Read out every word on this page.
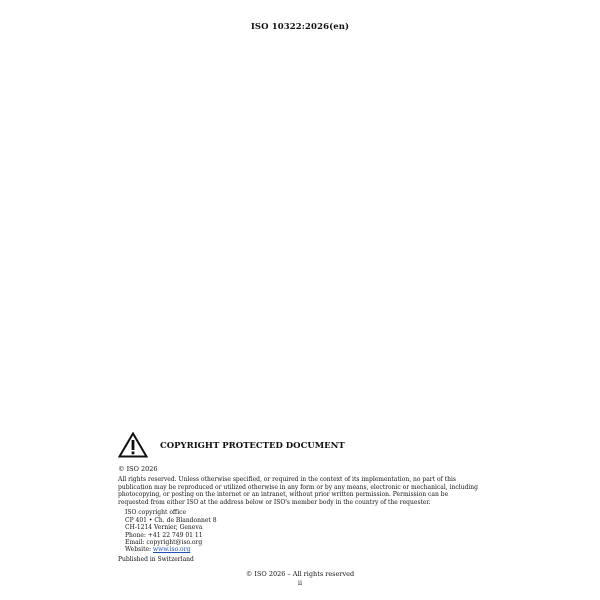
ISO 10322:2026(en)
COPYRIGHT PROTECTED DOCUMENT
© ISO 2026
All rights reserved. Unless otherwise specified, or required in the context of its implementation, no part of this publication may be reproduced or utilized otherwise in any form or by any means, electronic or mechanical, including photocopying, or posting on the internet or an intranet, without prior written permission. Permission can be requested from either ISO at the address below or ISO's member body in the country of the requester.
ISO copyright office
CP 401 • Ch. de Blandonnet 8
CH-1214 Vernier, Geneva
Phone: +41 22 749 01 11
Email: copyright@iso.org
Website: www.iso.org
Published in Switzerland
© ISO 2026 – All rights reserved
ii
